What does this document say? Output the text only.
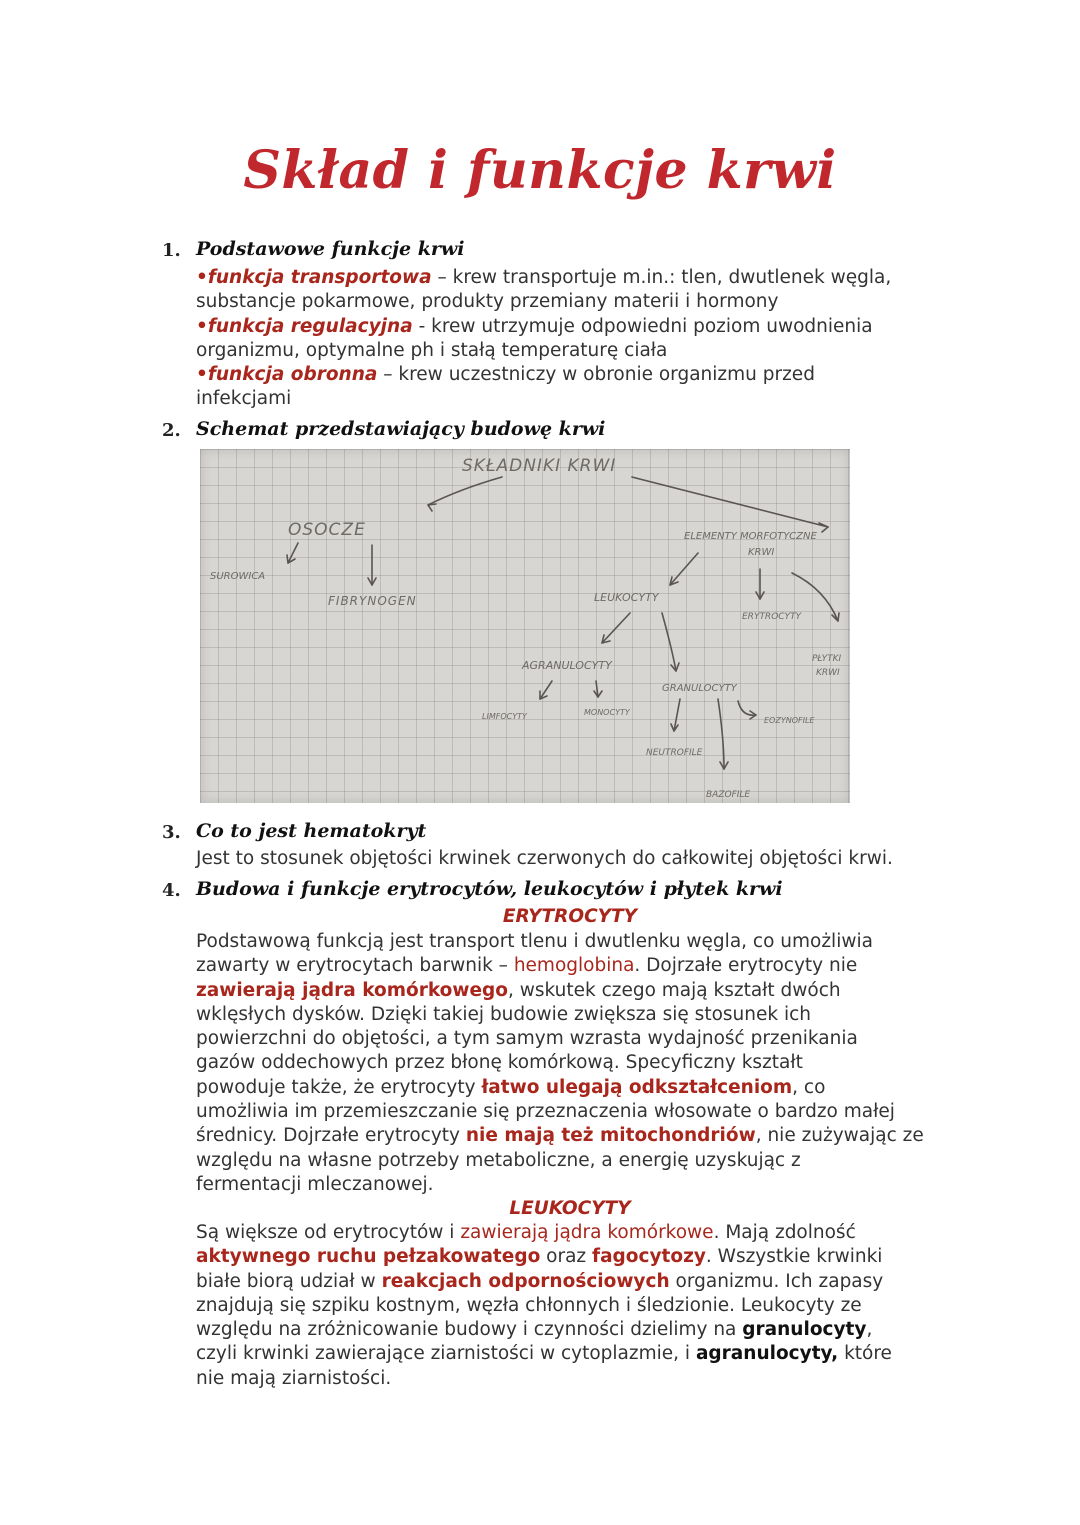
Skład i funkcje krwi
1. Podstawowe funkcje krwi
•funkcja transportowa – krew transportuje m.in.: tlen, dwutlenek węgla,
substancje pokarmowe, produkty przemiany materii i hormony
•funkcja regulacyjna - krew utrzymuje odpowiedni poziom uwodnienia
organizmu, optymalne ph i stałą temperaturę ciała
•funkcja obronna – krew uczestniczy w obronie organizmu przed
infekcjami
2. Schemat przedstawiający budowę krwi
SKŁADNIKI KRWI
OSOCZE
SUROWICA
FIBRYNOGEN
ELEMENTY MORFOTYCZNE
KRWI
LEUKOCYTY
ERYTROCYTY
PŁYTKI
KRWI
AGRANULOCYTY
GRANULOCYTY
LIMFOCYTY	MONOCYTY
NEUTROFILE
EOZYNOFILE
BAZOFILE
3. Co to jest hematokryt
Jest to stosunek objętości krwinek czerwonych do całkowitej objętości krwi.
4. Budowa i funkcje erytrocytów, leukocytów i płytek krwi
ERYTROCYTY
Podstawową funkcją jest transport tlenu i dwutlenku węgla, co umożliwia
zawarty w erytrocytach barwnik – hemoglobina. Dojrzałe erytrocyty nie
zawierają jądra komórkowego, wskutek czego mają kształt dwóch
wklęsłych dysków. Dzięki takiej budowie zwiększa się stosunek ich
powierzchni do objętości, a tym samym wzrasta wydajność przenikania
gazów oddechowych przez błonę komórkową. Specyficzny kształt
powoduje także, że erytrocyty łatwo ulegają odkształceniom, co
umożliwia im przemieszczanie się przeznaczenia włosowate o bardzo małej
średnicy. Dojrzałe erytrocyty nie mają też mitochondriów, nie zużywając ze
względu na własne potrzeby metaboliczne, a energię uzyskując z
fermentacji mleczanowej.
LEUKOCYTY
Są większe od erytrocytów i zawierają jądra komórkowe. Mają zdolność
aktywnego ruchu pełzakowatego oraz fagocytozy. Wszystkie krwinki
białe biorą udział w reakcjach odpornościowych organizmu. Ich zapasy
znajdują się szpiku kostnym, węzła chłonnych i śledzionie. Leukocyty ze
względu na zróżnicowanie budowy i czynności dzielimy na granulocyty,
czyli krwinki zawierające ziarnistości w cytoplazmie, i agranulocyty, które
nie mają ziarnistości.
